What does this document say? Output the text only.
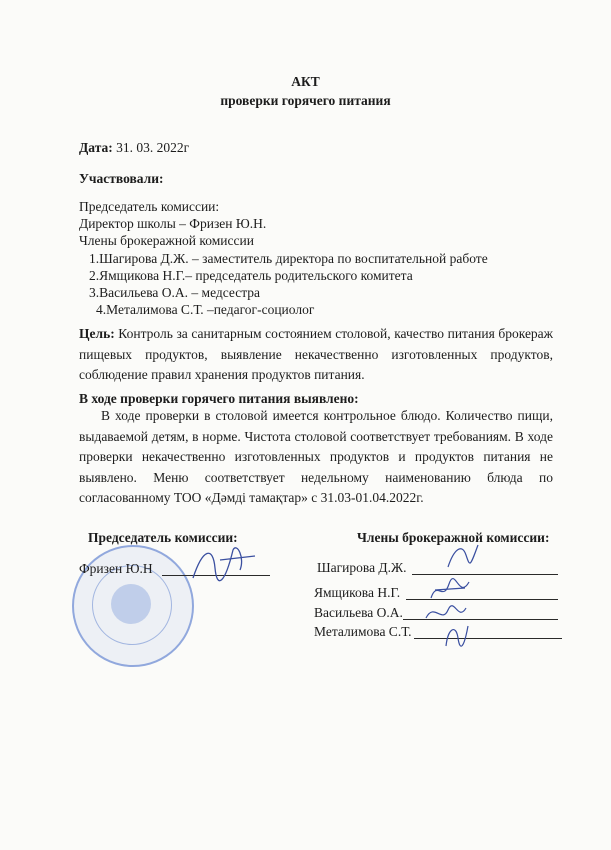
АКТ
проверки горячего питания
Дата: 31. 03. 2022г
Участвовали:
Председатель комиссии:
Директор школы – Фризен Ю.Н.
Члены брокеражной комиссии
1.Шагирова Д.Ж. – заместитель директора по воспитательной работе
2.Ямщикова Н.Г.– председатель родительского комитета
3.Васильева О.А. – медсестра
4.Металимова С.Т. –педагог-социолог
Цель: Контроль за санитарным состоянием столовой, качество питания брокераж пищевых продуктов, выявление некачественно изготовленных продуктов, соблюдение правил хранения продуктов питания.
В ходе проверки горячего питания выявлено:
В ходе проверки в столовой имеется контрольное блюдо. Количество пищи, выдаваемой детям, в норме. Чистота столовой соответствует требованиям. В ходе проверки некачественно изготовленных продуктов и продуктов питания не выявлено. Меню соответствует недельному наименованию блюда по согласованному ТОО «Дәмді тамақтар» с 31.03-01.04.2022г.
Председатель комиссии:	Члены брокеражной комиссии:
Фризен Ю.Н	Шагирова Д.Ж.
Ямщикова Н.Г.
Васильева О.А.
Металимова С.Т.
